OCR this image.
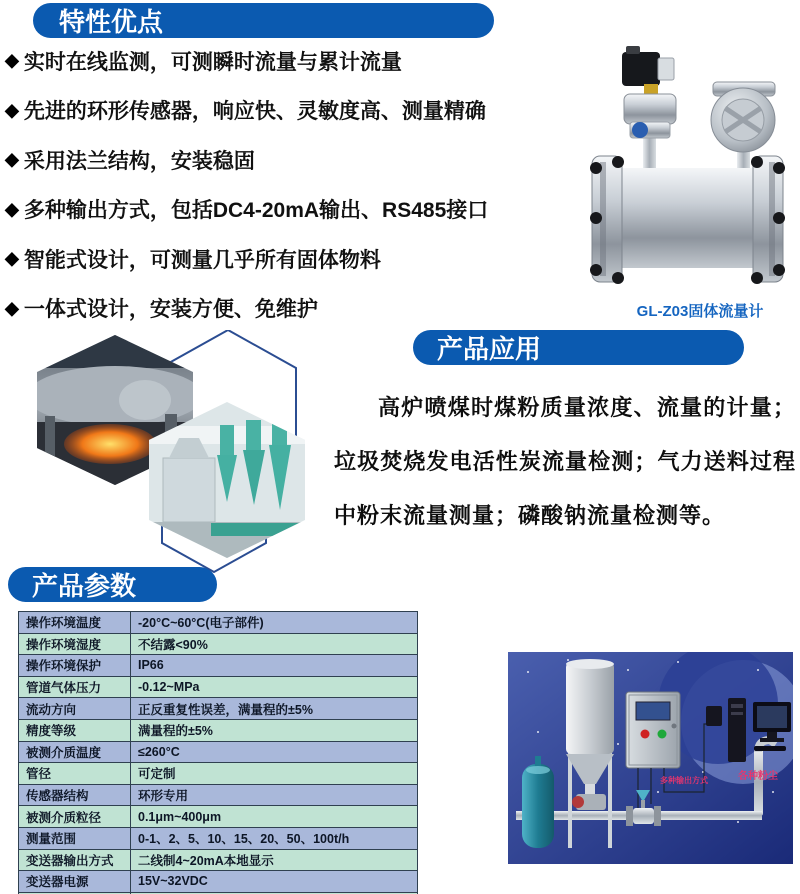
特性优点
◆ 实时在线监测，可测瞬时流量与累计流量
◆ 先进的环形传感器，响应快、灵敏度高、测量精确
◆ 采用法兰结构，安装稳固
◆ 多种输出方式，包括DC4-20mA输出、RS485接口
◆ 智能式设计，可测量几乎所有固体物料
◆ 一体式设计，安装方便、免维护	GL-Z03固体流量计
产品应用

高炉喷煤时煤粉质量浓度、流量的计量；垃圾焚烧发电活性炭流量检测；气力送料过程中粉末流量测量；磷酸钠流量检测等。

产品参数
操作环境温度	-20°C~60°C(电子部件)
操作环境湿度	不结露<90%
操作环境保护	IP66
管道气体压力	-0.12~MPa
流动方向	正反重复性误差，满量程的±5%
精度等级	满量程的±5%
被测介质温度	≤260°C
管径	可定制
传感器结构	环形专用
被测介质粒径	0.1μm~400μm
测量范围	0-1、2、5、10、15、20、50、100t/h
变送器输出方式	二线制4~20mA本地显示
变送器电源	15V~32VDC

多种输出方式	各种粉尘
